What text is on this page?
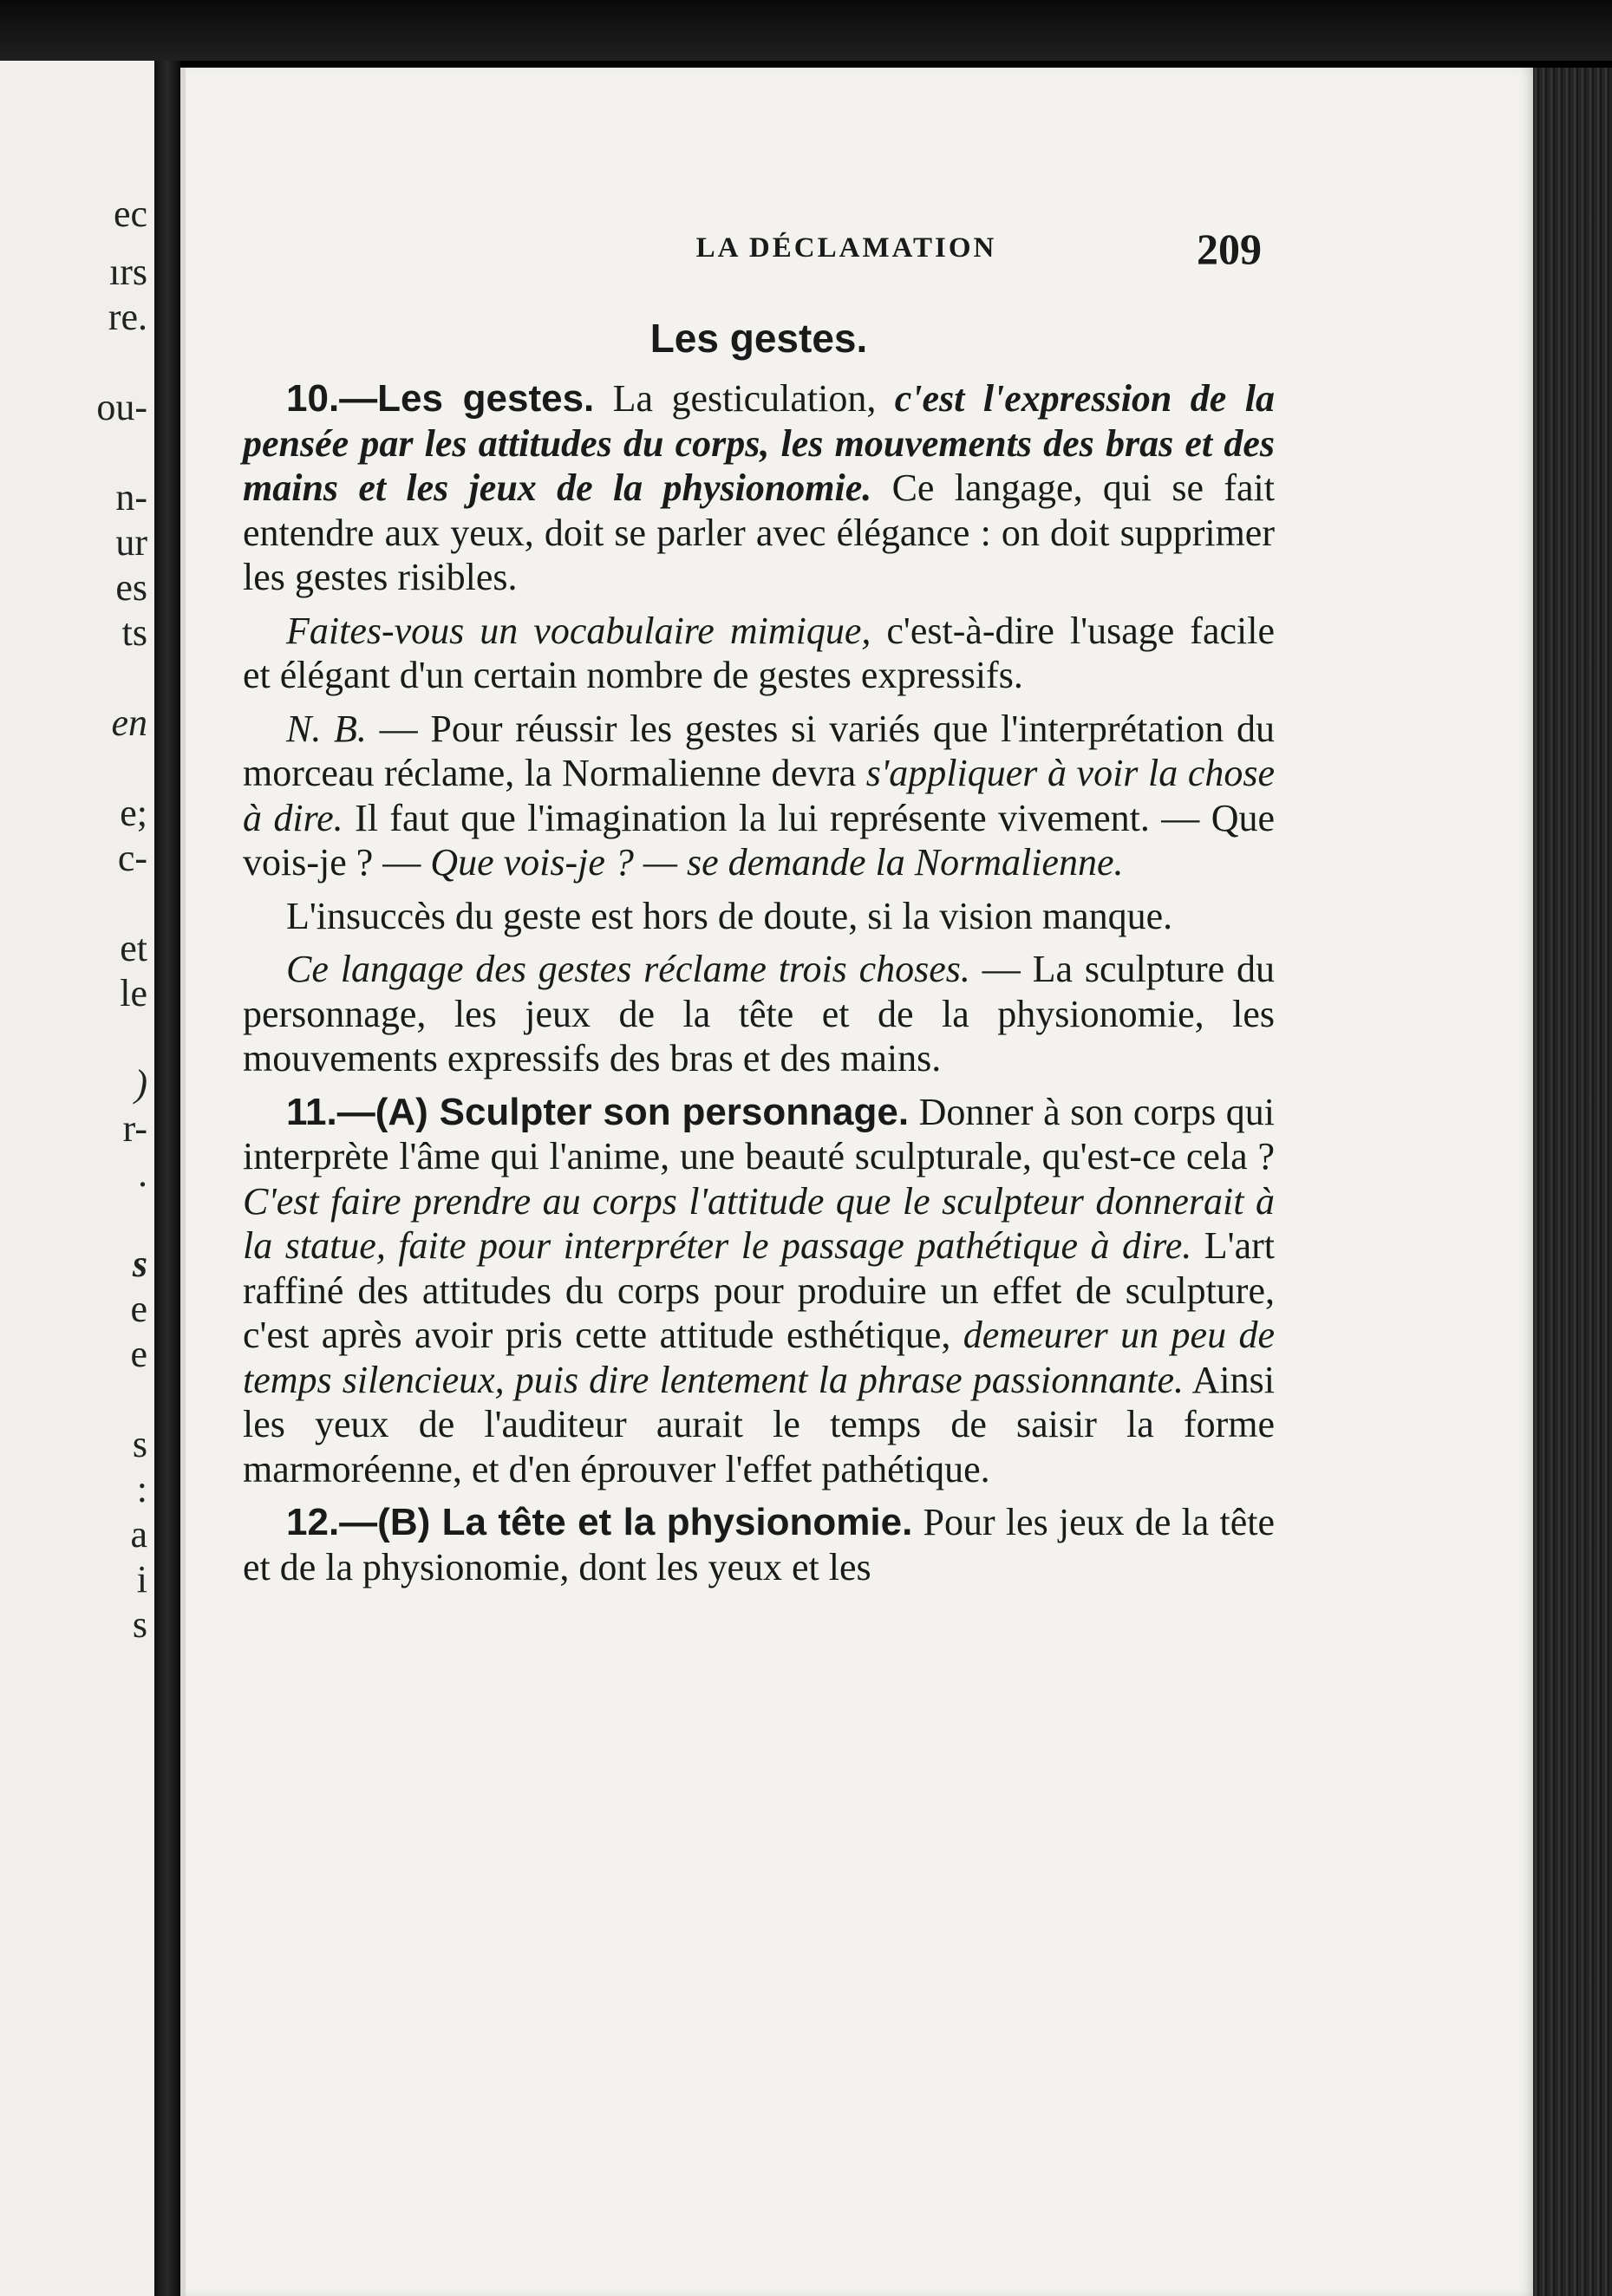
ec
ırs
re.
ou-
n-
ur
es
ts
en
e;
c-
et
le
)
r-
.
s
e
e
s
:
a
i
s
LA DÉCLAMATION	209
Les gestes.

10.—Les gestes. La gesticulation, c'est l'expression de la pensée par les attitudes du corps, les mouvements des bras et des mains et les jeux de la physionomie. Ce langage, qui se fait entendre aux yeux, doit se parler avec élégance : on doit supprimer les gestes risibles.

Faites-vous un vocabulaire mimique, c'est-à-dire l'usage facile et élégant d'un certain nombre de gestes expressifs.

N. B. — Pour réussir les gestes si variés que l'interprétation du morceau réclame, la Normalienne devra s'appliquer à voir la chose à dire. Il faut que l'imagination la lui représente vivement. — Que vois-je ? — Que vois-je ? — se demande la Normalienne.

L'insuccès du geste est hors de doute, si la vision manque.

Ce langage des gestes réclame trois choses. — La sculpture du personnage, les jeux de la tête et de la physionomie, les mouvements expressifs des bras et des mains.

11.—(A) Sculpter son personnage. Donner à son corps qui interprète l'âme qui l'anime, une beauté sculpturale, qu'est-ce cela ? C'est faire prendre au corps l'attitude que le sculpteur donnerait à la statue, faite pour interpréter le passage pathétique à dire. L'art raffiné des attitudes du corps pour produire un effet de sculpture, c'est après avoir pris cette attitude esthétique, demeurer un peu de temps silencieux, puis dire lentement la phrase passionnante. Ainsi les yeux de l'auditeur aurait le temps de saisir la forme marmoréenne, et d'en éprouver l'effet pathétique.

12.—(B) La tête et la physionomie. Pour les jeux de la tête et de la physionomie, dont les yeux et les
